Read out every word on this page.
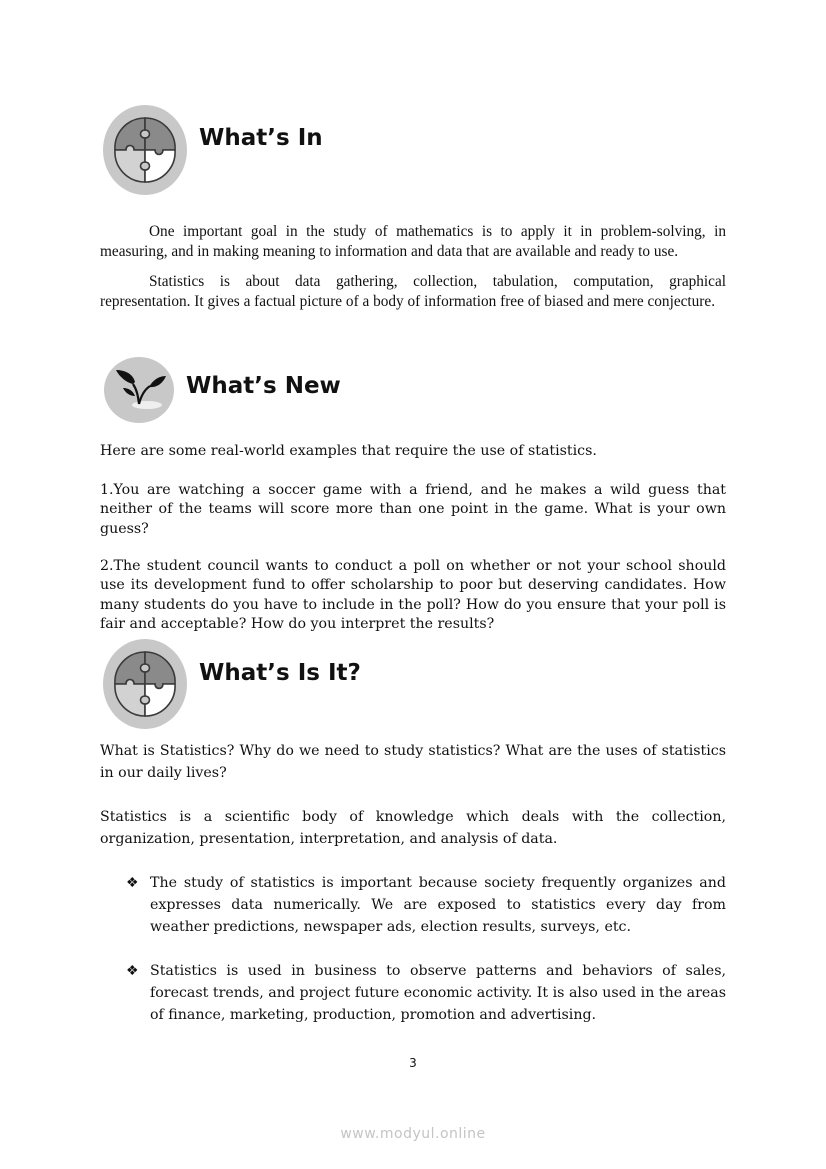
What’s In

One important goal in the study of mathematics is to apply it in problem-solving, in measuring, and in making meaning to information and data that are available and ready to use.

Statistics is about data gathering, collection, tabulation, computation, graphical representation. It gives a factual picture of a body of information free of biased and mere conjecture.

What’s New

Here are some real-world examples that require the use of statistics.

1.You are watching a soccer game with a friend, and he makes a wild guess that neither of the teams will score more than one point in the game. What is your own guess?

2.The student council wants to conduct a poll on whether or not your school should use its development fund to offer scholarship to poor but deserving candidates. How many students do you have to include in the poll? How do you ensure that your poll is fair and acceptable? How do you interpret the results?

What’s Is It?

What is Statistics? Why do we need to study statistics? What are the uses of statistics in our daily lives?

Statistics is a scientific body of knowledge which deals with the collection, organization, presentation, interpretation, and analysis of data.

❖ The study of statistics is important because society frequently organizes and expresses data numerically. We are exposed to statistics every day from weather predictions, newspaper ads, election results, surveys, etc.

❖ Statistics is used in business to observe patterns and behaviors of sales, forecast trends, and project future economic activity. It is also used in the areas of finance, marketing, production, promotion and advertising.

3
www.modyul.online
